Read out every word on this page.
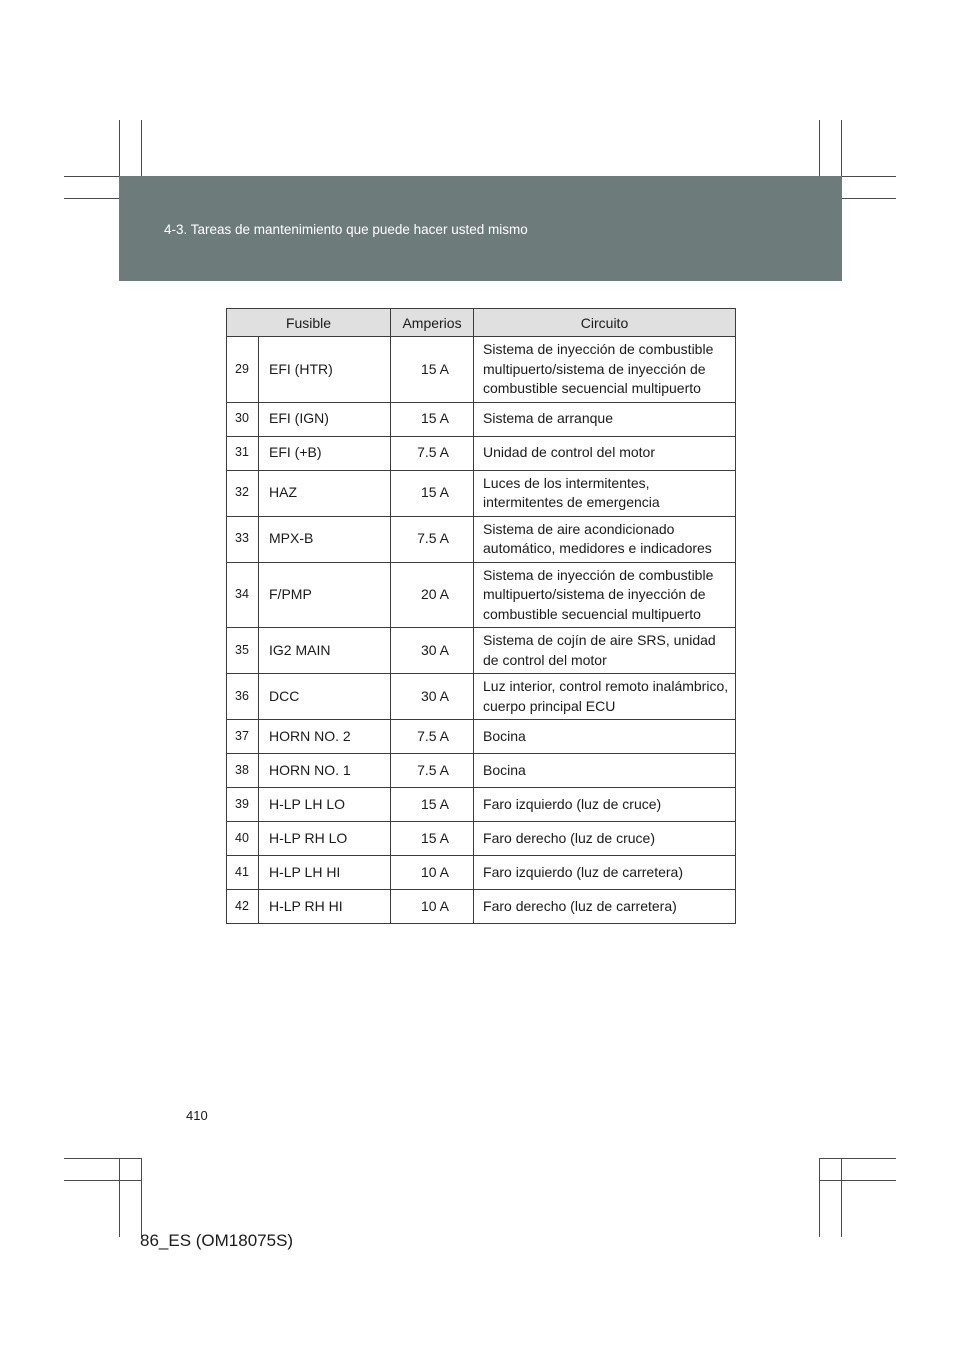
4-3. Tareas de mantenimiento que puede hacer usted mismo
Fusible		Amperios	Circuito
29	EFI (HTR)	15 A	Sistema de inyección de combustible multipuerto/sistema de inyección de combustible secuencial multipuerto
30	EFI (IGN)	15 A	Sistema de arranque
31	EFI (+B)	7.5 A	Unidad de control del motor
32	HAZ	15 A	Luces de los intermitentes, intermitentes de emergencia
33	MPX-B	7.5 A	Sistema de aire acondicionado automático, medidores e indicadores
34	F/PMP	20 A	Sistema de inyección de combustible multipuerto/sistema de inyección de combustible secuencial multipuerto
35	IG2 MAIN	30 A	Sistema de cojín de aire SRS, unidad de control del motor
36	DCC	30 A	Luz interior, control remoto inalámbrico, cuerpo principal ECU
37	HORN NO. 2	7.5 A	Bocina
38	HORN NO. 1	7.5 A	Bocina
39	H-LP LH LO	15 A	Faro izquierdo (luz de cruce)
40	H-LP RH LO	15 A	Faro derecho (luz de cruce)
41	H-LP LH HI	10 A	Faro izquierdo (luz de carretera)
42	H-LP RH HI	10 A	Faro derecho (luz de carretera)
410
86_ES (OM18075S)
